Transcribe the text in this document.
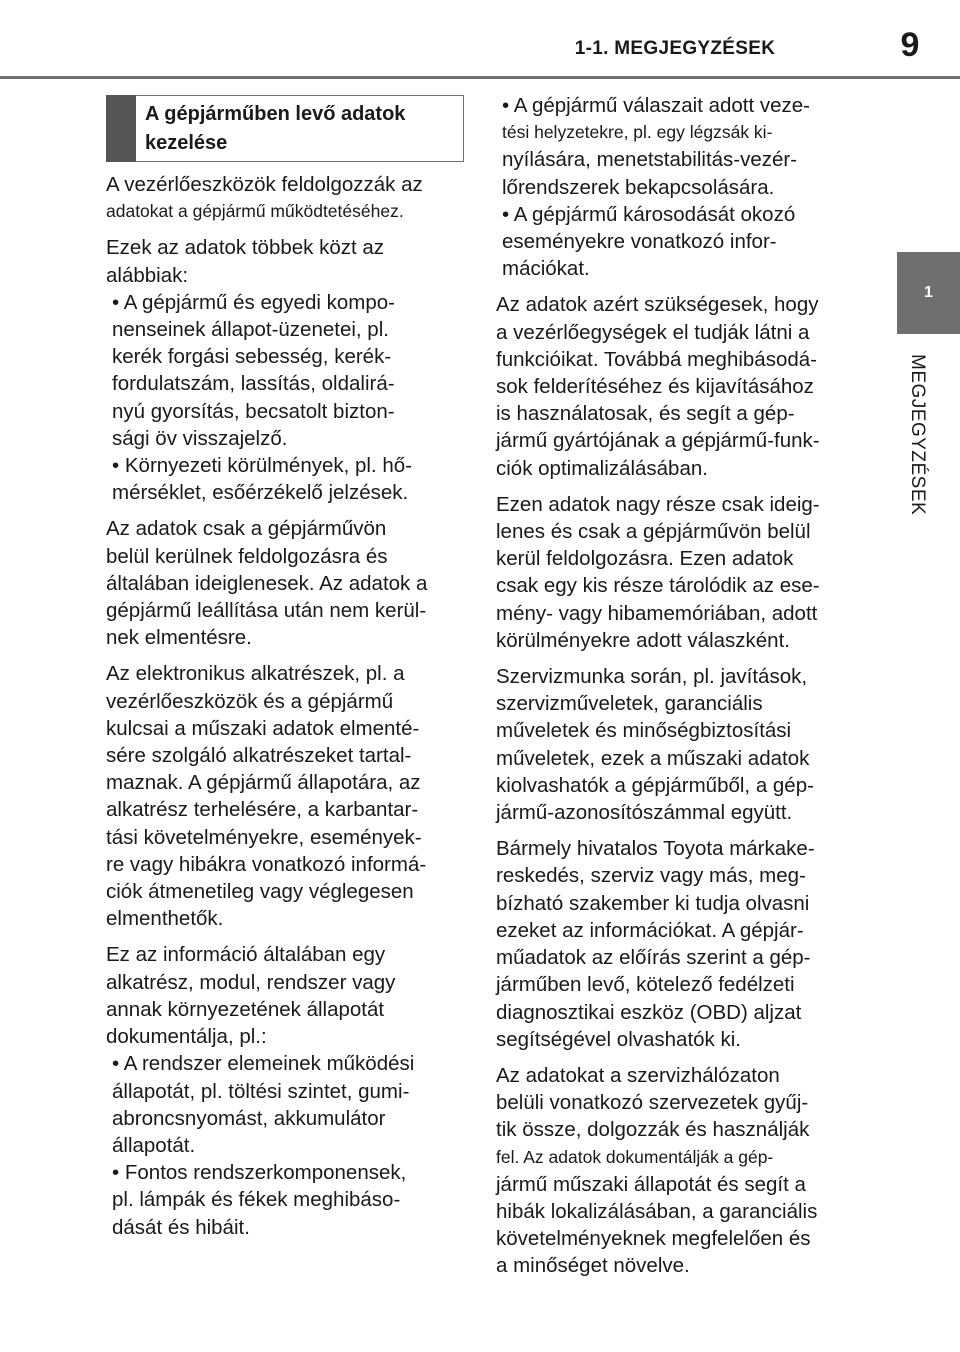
1-1. MEGJEGYZÉSEK	9
1
MEGJEGYZÉSEK
A gépjárműben levő adatok
kezelése

A vezérlőeszközök feldolgozzák az

adatokat a gépjármű működtetéséhez.

Ezek az adatok többek közt az

alábbiak:

• A gépjármű és egyedi kompo-

nenseinek állapot-üzenetei, pl.

kerék forgási sebesség, kerék-

fordulatszám, lassítás, oldalirá-

nyú gyorsítás, becsatolt bizton-

sági öv visszajelző.

• Környezeti körülmények, pl. hő-

mérséklet, esőérzékelő jelzések.

Az adatok csak a gépjárművön

belül kerülnek feldolgozásra és

általában ideiglenesek. Az adatok a

gépjármű leállítása után nem kerül-

nek elmentésre.

Az elektronikus alkatrészek, pl. a

vezérlőeszközök és a gépjármű

kulcsai a műszaki adatok elmenté-

sére szolgáló alkatrészeket tartal-

maznak. A gépjármű állapotára, az

alkatrész terhelésére, a karbantar-

tási követelményekre, események-

re vagy hibákra vonatkozó informá-

ciók átmenetileg vagy véglegesen

elmenthetők.

Ez az információ általában egy

alkatrész, modul, rendszer vagy

annak környezetének állapotát

dokumentálja, pl.:

• A rendszer elemeinek működési

állapotát, pl. töltési szintet, gumi-

abroncsnyomást, akkumulátor

állapotát.

• Fontos rendszerkomponensek,

pl. lámpák és fékek meghibáso-

dását és hibáit.

• A gépjármű válaszait adott veze-

tési helyzetekre, pl. egy légzsák ki-

nyílására, menetstabilitás-vezér-

lőrendszerek bekapcsolására.

• A gépjármű károsodását okozó

eseményekre vonatkozó infor-

mációkat.

Az adatok azért szükségesek, hogy

a vezérlőegységek el tudják látni a

funkcióikat. Továbbá meghibásodá-

sok felderítéséhez és kijavításához

is használatosak, és segít a gép-

jármű gyártójának a gépjármű-funk-

ciók optimalizálásában.

Ezen adatok nagy része csak ideig-

lenes és csak a gépjárművön belül

kerül feldolgozásra. Ezen adatok

csak egy kis része tárolódik az ese-

mény- vagy hibamemóriában, adott

körülményekre adott válaszként.

Szervizmunka során, pl. javítások,

szervizműveletek, garanciális

műveletek és minőségbiztosítási

műveletek, ezek a műszaki adatok

kiolvashatók a gépjárműből, a gép-

jármű-azonosítószámmal együtt.

Bármely hivatalos Toyota márkake-

reskedés, szerviz vagy más, meg-

bízható szakember ki tudja olvasni

ezeket az információkat. A gépjár-

műadatok az előírás szerint a gép-

járműben levő, kötelező fedélzeti

diagnosztikai eszköz (OBD) aljzat

segítségével olvashatók ki.

Az adatokat a szervizhálózaton

belüli vonatkozó szervezetek gyűj-

tik össze, dolgozzák és használják

fel. Az adatok dokumentálják a gép-

jármű műszaki állapotát és segít a

hibák lokalizálásában, a garanciális

követelményeknek megfelelően és

a minőséget növelve.
